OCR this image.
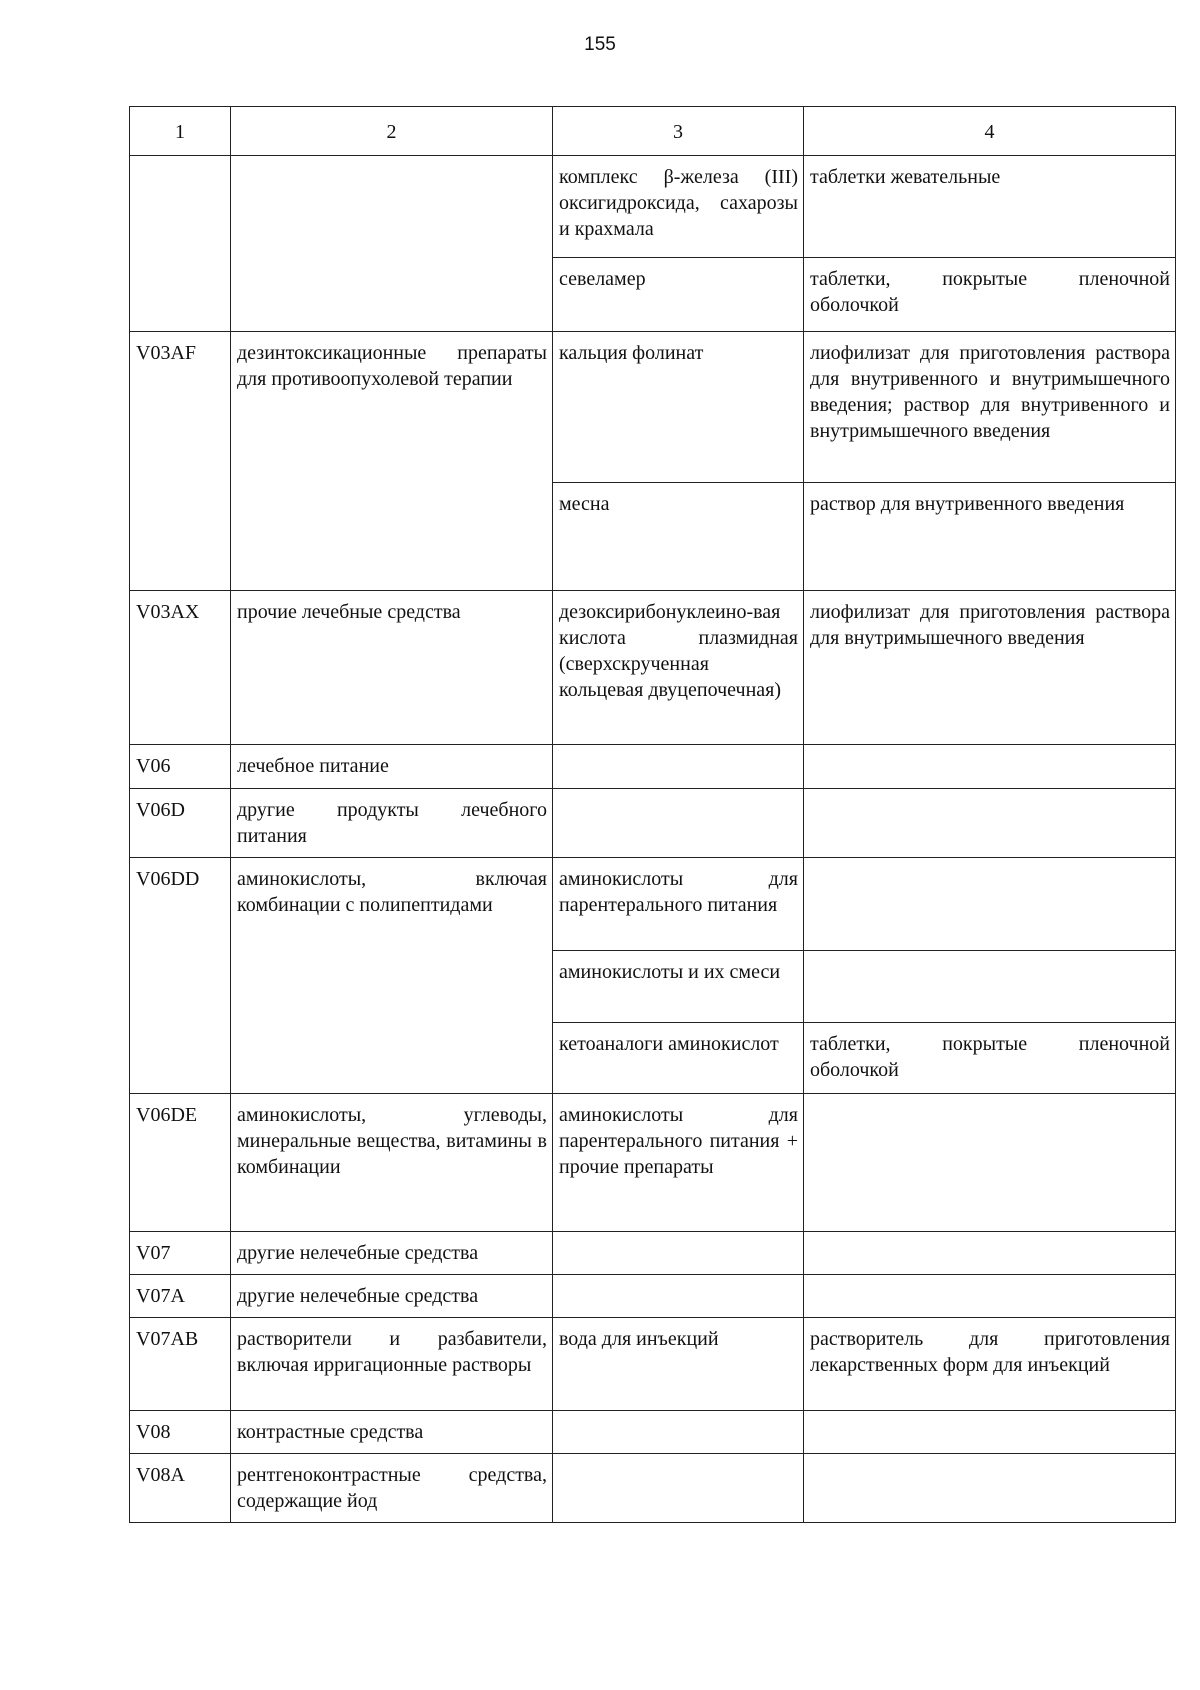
155
1	2	3	4
		комплекс β-железа (III) оксигидроксида, сахарозы и крахмала	таблетки жевательные
		севеламер	таблетки, покрытые пленочной оболочкой
V03AF	дезинтоксикационные препараты для противоопухолевой терапии	кальция фолинат	лиофилизат для приготовления раствора для внутривенного и внутримышечного введения; раствор для внутривенного и внутримышечного введения
		месна	раствор для внутривенного введения
V03AX	прочие лечебные средства	дезоксирибонуклеино-вая кислота плазмидная (сверхскрученная кольцевая двуцепочечная)	лиофилизат для приготовления раствора для внутримышечного введения
V06	лечебное питание		
V06D	другие продукты лечебного питания		
V06DD	аминокислоты, включая комбинации с полипептидами	аминокислоты для парентерального питания	
		аминокислоты и их смеси	
		кетоаналоги аминокислот	таблетки, покрытые пленочной оболочкой
V06DE	аминокислоты, углеводы, минеральные вещества, витамины в комбинации	аминокислоты для парентерального питания + прочие препараты	
V07	другие нелечебные средства		
V07A	другие нелечебные средства		
V07AB	растворители и разбавители, включая ирригационные растворы	вода для инъекций	растворитель для приготовления лекарственных форм для инъекций
V08	контрастные средства		
V08A	рентгеноконтрастные средства, содержащие йод		
